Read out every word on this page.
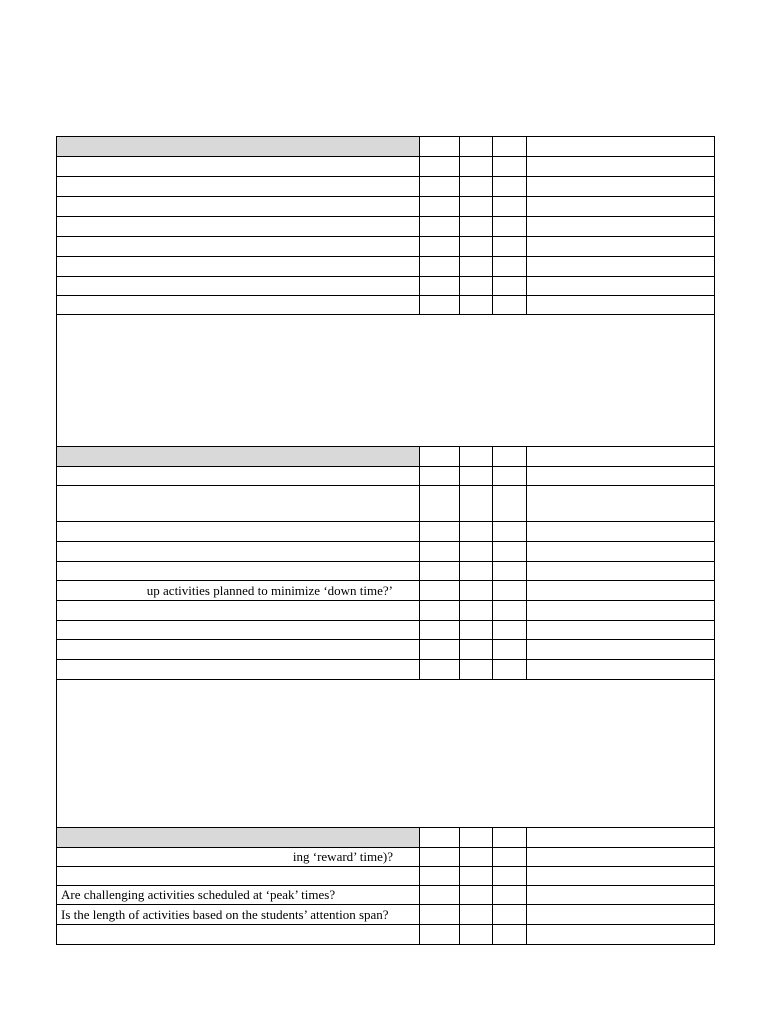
up activities planned to minimize ‘down time?’				

ing ‘reward’ time)?				

Are challenging activities scheduled at ‘peak’ times?				
Is the length of activities based on the students’ attention span?				
